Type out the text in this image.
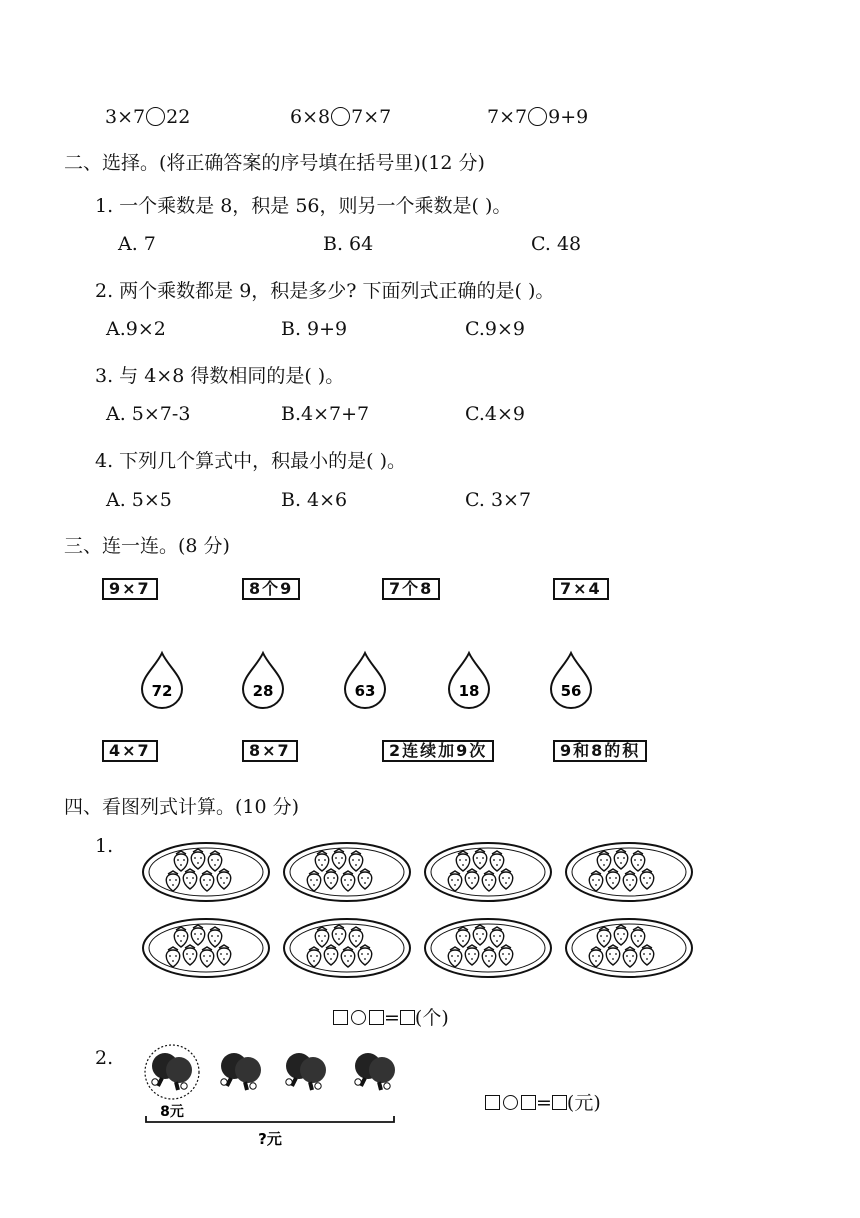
3×7 22	6×8 7×7	7×7 9+9
二、选择。(将正确答案的序号填在括号里)(12 分)
1. 一个乘数是 8，积是 56，则另一个乘数是( )。
A. 7	B. 64	C. 48
2. 两个乘数都是 9，积是多少? 下面列式正确的是( )。
A.9×2	B. 9+9	C.9×9
3. 与 4×8 得数相同的是( )。
A. 5×7-3	B.4×7+7	C.4×9
4. 下列几个算式中，积最小的是( )。
A. 5×5	B. 4×6	C. 3×7
三、连一连。(8 分)
9×7	8个9	7个8	7×4
72	28	63	18	56
4×7	8×7	2连续加9次	9和8的积
四、看图列式计算。(10 分)
1.
= (个)
2.
8元
?元
= (元)
